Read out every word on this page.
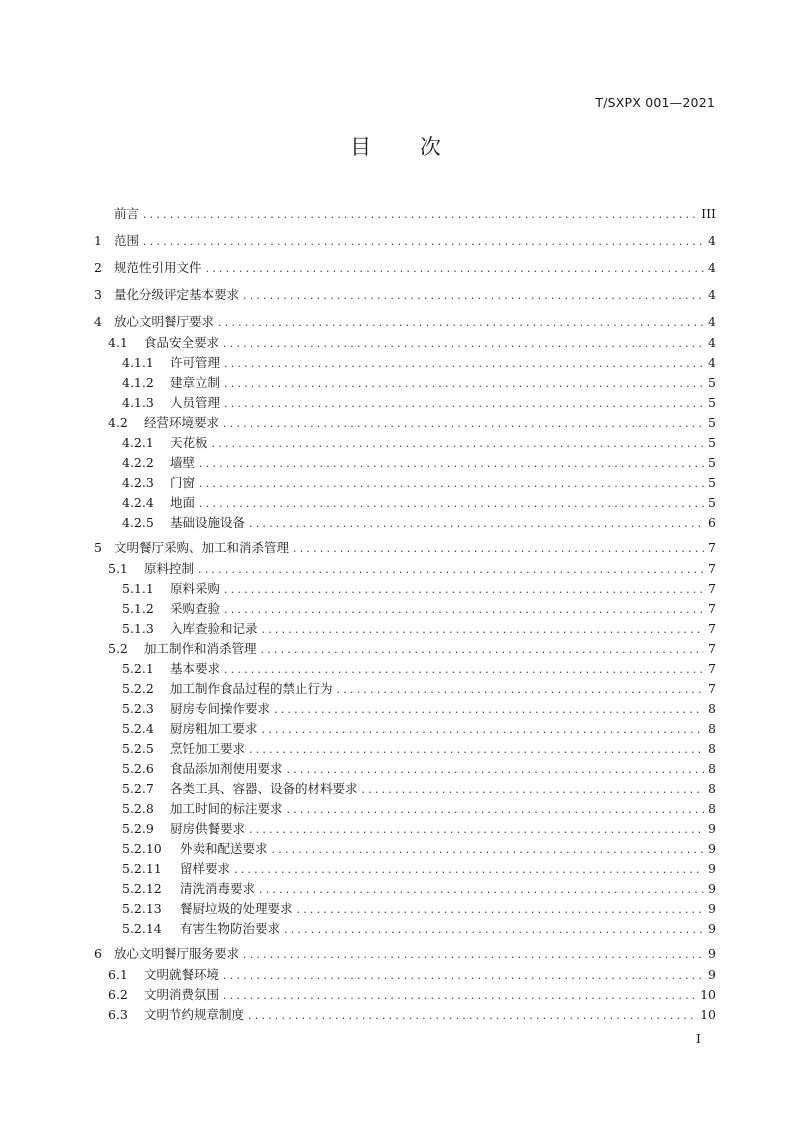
T/SXPX 001—2021
目 次
前言 .....	III
1 范围 .....	4
2 规范性引用文件 .....	4
3 量化分级评定基本要求 .....	4
4 放心文明餐厅要求 .....	4
4.1	食品安全要求 .....	4
4.1.1	许可管理 .....	4
4.1.2	建章立制 .....	5
4.1.3	人员管理 .....	5
4.2	经营环境要求 .....	5
4.2.1	天花板 .....	5
4.2.2	墙壁 .....	5
4.2.3	门窗 .....	5
4.2.4	地面 .....	5
4.2.5	基础设施设备 .....	6
5 文明餐厅采购、加工和消杀管理 .....	7
5.1	原料控制 .....	7
5.1.1	原料采购 .....	7
5.1.2	采购查验 .....	7
5.1.3	入库查验和记录 .....	7
5.2	加工制作和消杀管理 .....	7
5.2.1	基本要求 .....	7
5.2.2	加工制作食品过程的禁止行为 .....	7
5.2.3	厨房专间操作要求 .....	8
5.2.4	厨房粗加工要求 .....	8
5.2.5	烹饪加工要求 .....	8
5.2.6	食品添加剂使用要求 .....	8
5.2.7	各类工具、容器、设备的材料要求 .....	8
5.2.8	加工时间的标注要求 .....	8
5.2.9	厨房供餐要求 .....	9
5.2.10	外卖和配送要求 .....	9
5.2.11	留样要求 .....	9
5.2.12	清洗消毒要求 .....	9
5.2.13	餐厨垃圾的处理要求 .....	9
5.2.14	有害生物防治要求 .....	9
6 放心文明餐厅服务要求 .....	9
6.1	文明就餐环境 .....	9
6.2	文明消费氛围 .....	10
6.3	文明节约规章制度 .....	10
I
